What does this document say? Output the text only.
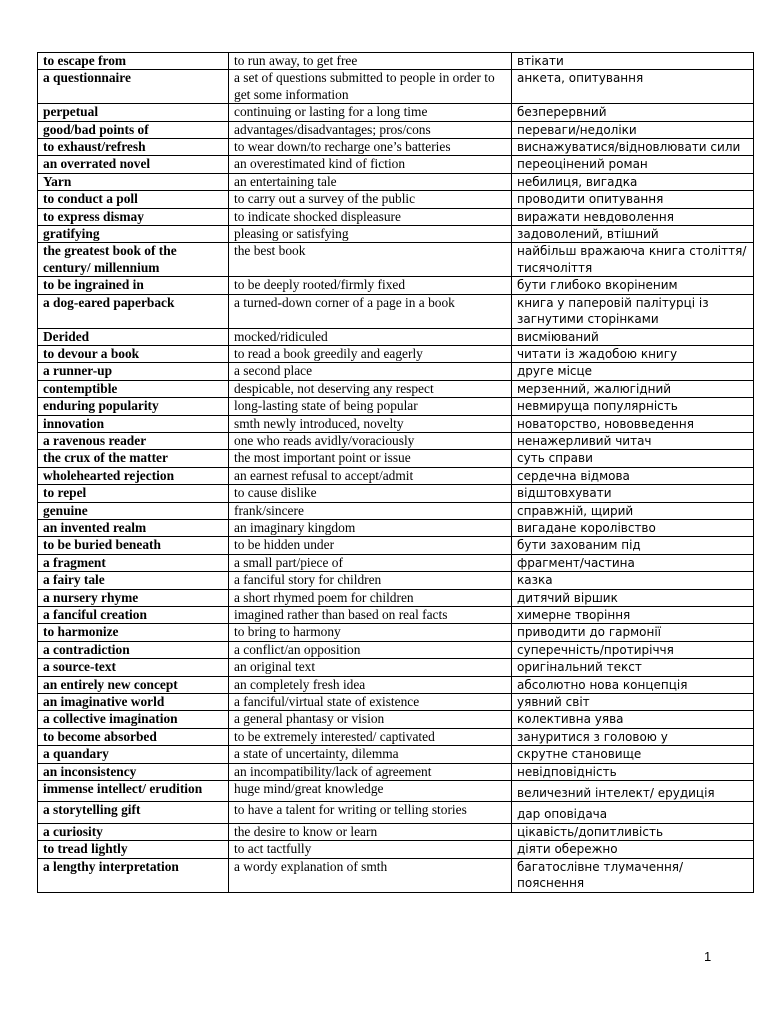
to escape from	to run away, to get free	втікати
a questionnaire	a set of questions submitted to people in order to get some information	анкета, опитування
perpetual	continuing or lasting for a long time	безперервний
good/bad points of	advantages/disadvantages; pros/cons	переваги/недоліки
to exhaust/refresh	to wear down/to recharge one’s batteries	виснажуватися/відновлювати сили
an overrated novel	an overestimated kind of fiction	переоцінений роман
Yarn	an entertaining tale	небилиця, вигадка
to conduct a poll	to carry out a survey of the public	проводити опитування
to express dismay	to indicate shocked displeasure	виражати невдоволення
gratifying	pleasing or satisfying	задоволений, втішний
the greatest book of the century/ millennium	the best book	найбільш вражаюча книга століття/тисячоліття
to be ingrained in	to be deeply rooted/firmly fixed	бути глибоко вкоріненим
a dog-eared paperback	a turned-down corner of a page in a book	книга у паперовій палітурці із загнутими сторінками
Derided	mocked/ridiculed	висміюваний
to devour a book	to read a book greedily and eagerly	читати із жадобою книгу
a runner-up	a second place	друге місце
contemptible	despicable, not deserving any respect	мерзенний, жалюгідний
enduring popularity	long-lasting state of being popular	невмируща популярність
innovation	smth newly introduced, novelty	новаторство, нововведення
a ravenous reader	one who reads avidly/voraciously	ненажерливий читач
the crux of the matter	the most important point or issue	суть справи
wholehearted rejection	an earnest refusal to accept/admit	сердечна відмова
to repel	to cause dislike	відштовхувати
genuine	frank/sincere	справжній, щирий
an invented realm	an imaginary kingdom	вигадане королівство
to be buried beneath	to be hidden under	бути захованим під
a fragment	a small part/piece of	фрагмент/частина
a fairy tale	a fanciful story for children	казка
a nursery rhyme	a short rhymed poem for children	дитячий віршик
a fanciful creation	imagined rather than based on real facts	химерне творіння
to harmonize	to bring to harmony	приводити до гармонії
a contradiction	a conflict/an opposition	суперечність/протиріччя
a source-text	an original text	оригінальний текст
an entirely new concept	an completely fresh idea	абсолютно нова концепція
an imaginative world	a fanciful/virtual state of existence	уявний світ
a collective imagination	a general phantasy or vision	колективна уява
to become absorbed	to be extremely interested/ captivated	зануритися з головою у
a quandary	a state of uncertainty, dilemma	скрутне становище
an inconsistency	an incompatibility/lack of agreement	невідповідність
immense intellect/ erudition	huge mind/great knowledge	величезний інтелект/ ерудиція
a storytelling gift	to have a talent for writing or telling stories	дар оповідача
a curiosity	the desire to know or learn	цікавість/допитливість
to tread lightly	to act tactfully	діяти обережно
a lengthy interpretation	a wordy explanation of smth	багатослівне тлумачення/пояснення
1
